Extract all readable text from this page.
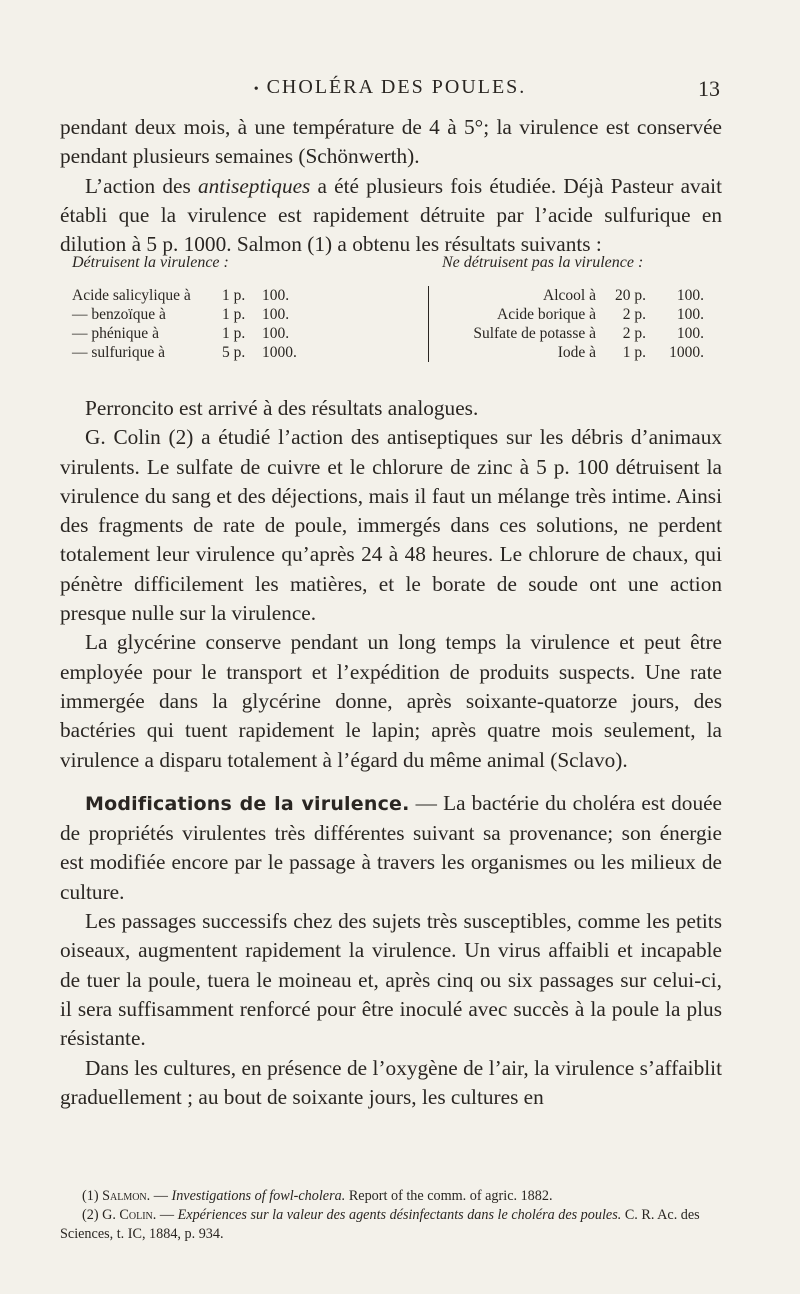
• CHOLÉRA DES POULES.	13

pendant deux mois, à une température de 4 à 5°; la virulence est conservée pendant plusieurs semaines (Schönwerth).

L’action des antiseptiques a été plusieurs fois étudiée. Déjà Pasteur avait établi que la virulence est rapidement détruite par l’acide sulfurique en dilution à 5 p. 1000. Salmon (1) a obtenu les résultats suivants :

Détruisent la virulence :
Acide salicylique à	1 p.	100.
— benzoïque à	1 p.	100.
— phénique à	1 p.	100.
— sulfurique à	5 p.	1000.
Ne détruisent pas la virulence :
Alcool à	20 p.	100.
Acide borique à	2 p.	100.
Sulfate de potasse à	2 p.	100.
Iode à	1 p.	1000.

Perroncito est arrivé à des résultats analogues.

G. Colin (2) a étudié l’action des antiseptiques sur les débris d’animaux virulents. Le sulfate de cuivre et le chlorure de zinc à 5 p. 100 détruisent la virulence du sang et des déjections, mais il faut un mélange très intime. Ainsi des fragments de rate de poule, immergés dans ces solutions, ne perdent totalement leur virulence qu’après 24 à 48 heures. Le chlorure de chaux, qui pénètre difficilement les matières, et le borate de soude ont une action presque nulle sur la virulence.

La glycérine conserve pendant un long temps la virulence et peut être employée pour le transport et l’expédition de produits suspects. Une rate immergée dans la glycérine donne, après soixante-quatorze jours, des bactéries qui tuent rapidement le lapin; après quatre mois seulement, la virulence a disparu totalement à l’égard du même animal (Sclavo).

Modifications de la virulence. — La bactérie du choléra est douée de propriétés virulentes très différentes suivant sa provenance; son énergie est modifiée encore par le passage à travers les organismes ou les milieux de culture.

Les passages successifs chez des sujets très susceptibles, comme les petits oiseaux, augmentent rapidement la virulence. Un virus affaibli et incapable de tuer la poule, tuera le moineau et, après cinq ou six passages sur celui-ci, il sera suffisamment renforcé pour être inoculé avec succès à la poule la plus résistante.

Dans les cultures, en présence de l’oxygène de l’air, la virulence s’affaiblit graduellement ; au bout de soixante jours, les cultures en

(1) Salmon. — Investigations of fowl-cholera. Report of the comm. of agric. 1882.

(2) G. Colin. — Expériences sur la valeur des agents désinfectants dans le choléra des poules. C. R. Ac. des Sciences, t. IC, 1884, p. 934.
